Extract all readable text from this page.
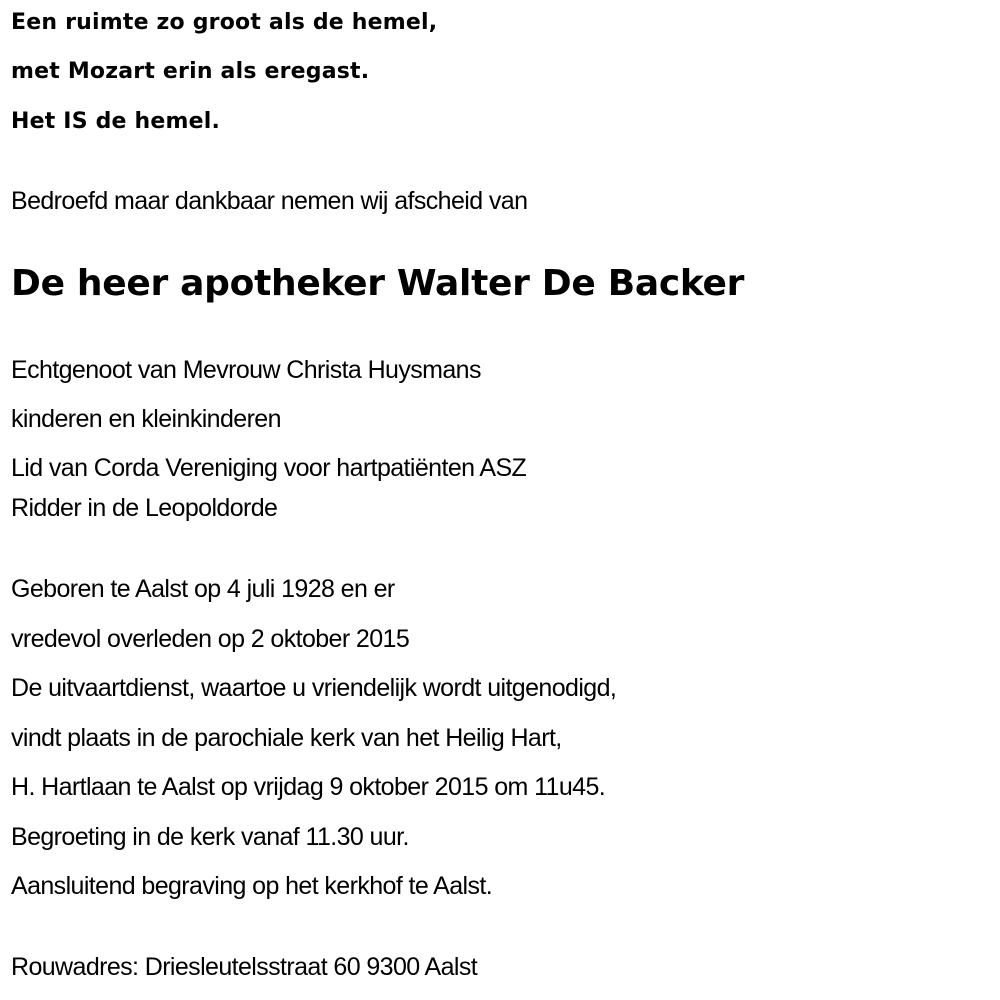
Een ruimte zo groot als de hemel,

met Mozart erin als eregast.

Het IS de hemel.

Bedroefd maar dankbaar nemen wij afscheid van

De heer apotheker Walter De Backer

Echtgenoot van Mevrouw Christa Huysmans

kinderen en kleinkinderen

Lid van Corda Vereniging voor hartpatiënten ASZ

Ridder in de Leopoldorde

Geboren te Aalst op 4 juli 1928 en er

vredevol overleden op 2 oktober 2015

De uitvaartdienst, waartoe u vriendelijk wordt uitgenodigd,

vindt plaats in de parochiale kerk van het Heilig Hart,

H. Hartlaan te Aalst op vrijdag 9 oktober 2015 om 11u45.

Begroeting in de kerk vanaf 11.30 uur.

Aansluitend begraving op het kerkhof te Aalst.

Rouwadres: Driesleutelsstraat 60 9300 Aalst
